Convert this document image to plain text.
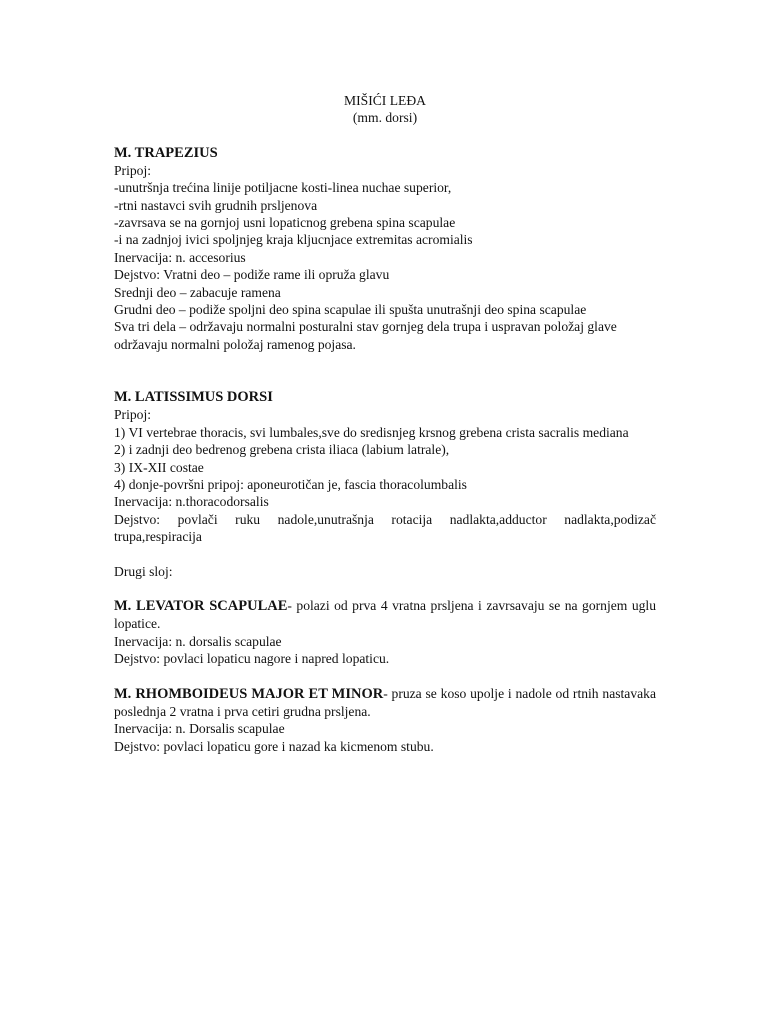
MIŠIĆI LEĐA

(mm. dorsi)

M. TRAPEZIUS

Pripoj:

-unutršnja trećina linije potiljacne kosti-linea nuchae superior,

-rtni nastavci svih grudnih prsljenova

-zavrsava se na gornjoj usni lopaticnog grebena spina scapulae

-i na zadnjoj ivici spoljnjeg kraja kljucnjace extremitas acromialis

Inervacija: n. accesorius

Dejstvo: Vratni deo – podiže rame ili opruža glavu

Srednji deo – zabacuje ramena

Grudni deo – podiže spoljni deo spina scapulae ili spušta unutrašnji deo spina scapulae

Sva tri dela – održavaju normalni posturalni stav gornjeg dela trupa i uspravan položaj glave

održavaju normalni položaj ramenog pojasa.

M. LATISSIMUS DORSI

Pripoj:

1) VI vertebrae thoracis, svi lumbales,sve do sredisnjeg krsnog grebena crista sacralis mediana

2) i zadnji deo bedrenog grebena crista iliaca (labium latrale),

3) IX-XII costae

4) donje-površni pripoj: aponeurotičan je, fascia thoracolumbalis

Inervacija: n.thoracodorsalis

Dejstvo: povlači ruku nadole,unutrašnja rotacija nadlakta,adductor nadlakta,podizač trupa,respiracija

Drugi sloj:

M. LEVATOR SCAPULAE- polazi od prva 4 vratna prsljena i zavrsavaju se na gornjem uglu lopatice.

Inervacija: n. dorsalis scapulae

Dejstvo: povlaci lopaticu nagore i napred lopaticu.

M. RHOMBOIDEUS MAJOR ET MINOR- pruza se koso upolje i nadole od rtnih nastavaka poslednja 2 vratna i prva cetiri grudna prsljena.

Inervacija: n. Dorsalis scapulae

Dejstvo: povlaci lopaticu gore i nazad ka kicmenom stubu.
